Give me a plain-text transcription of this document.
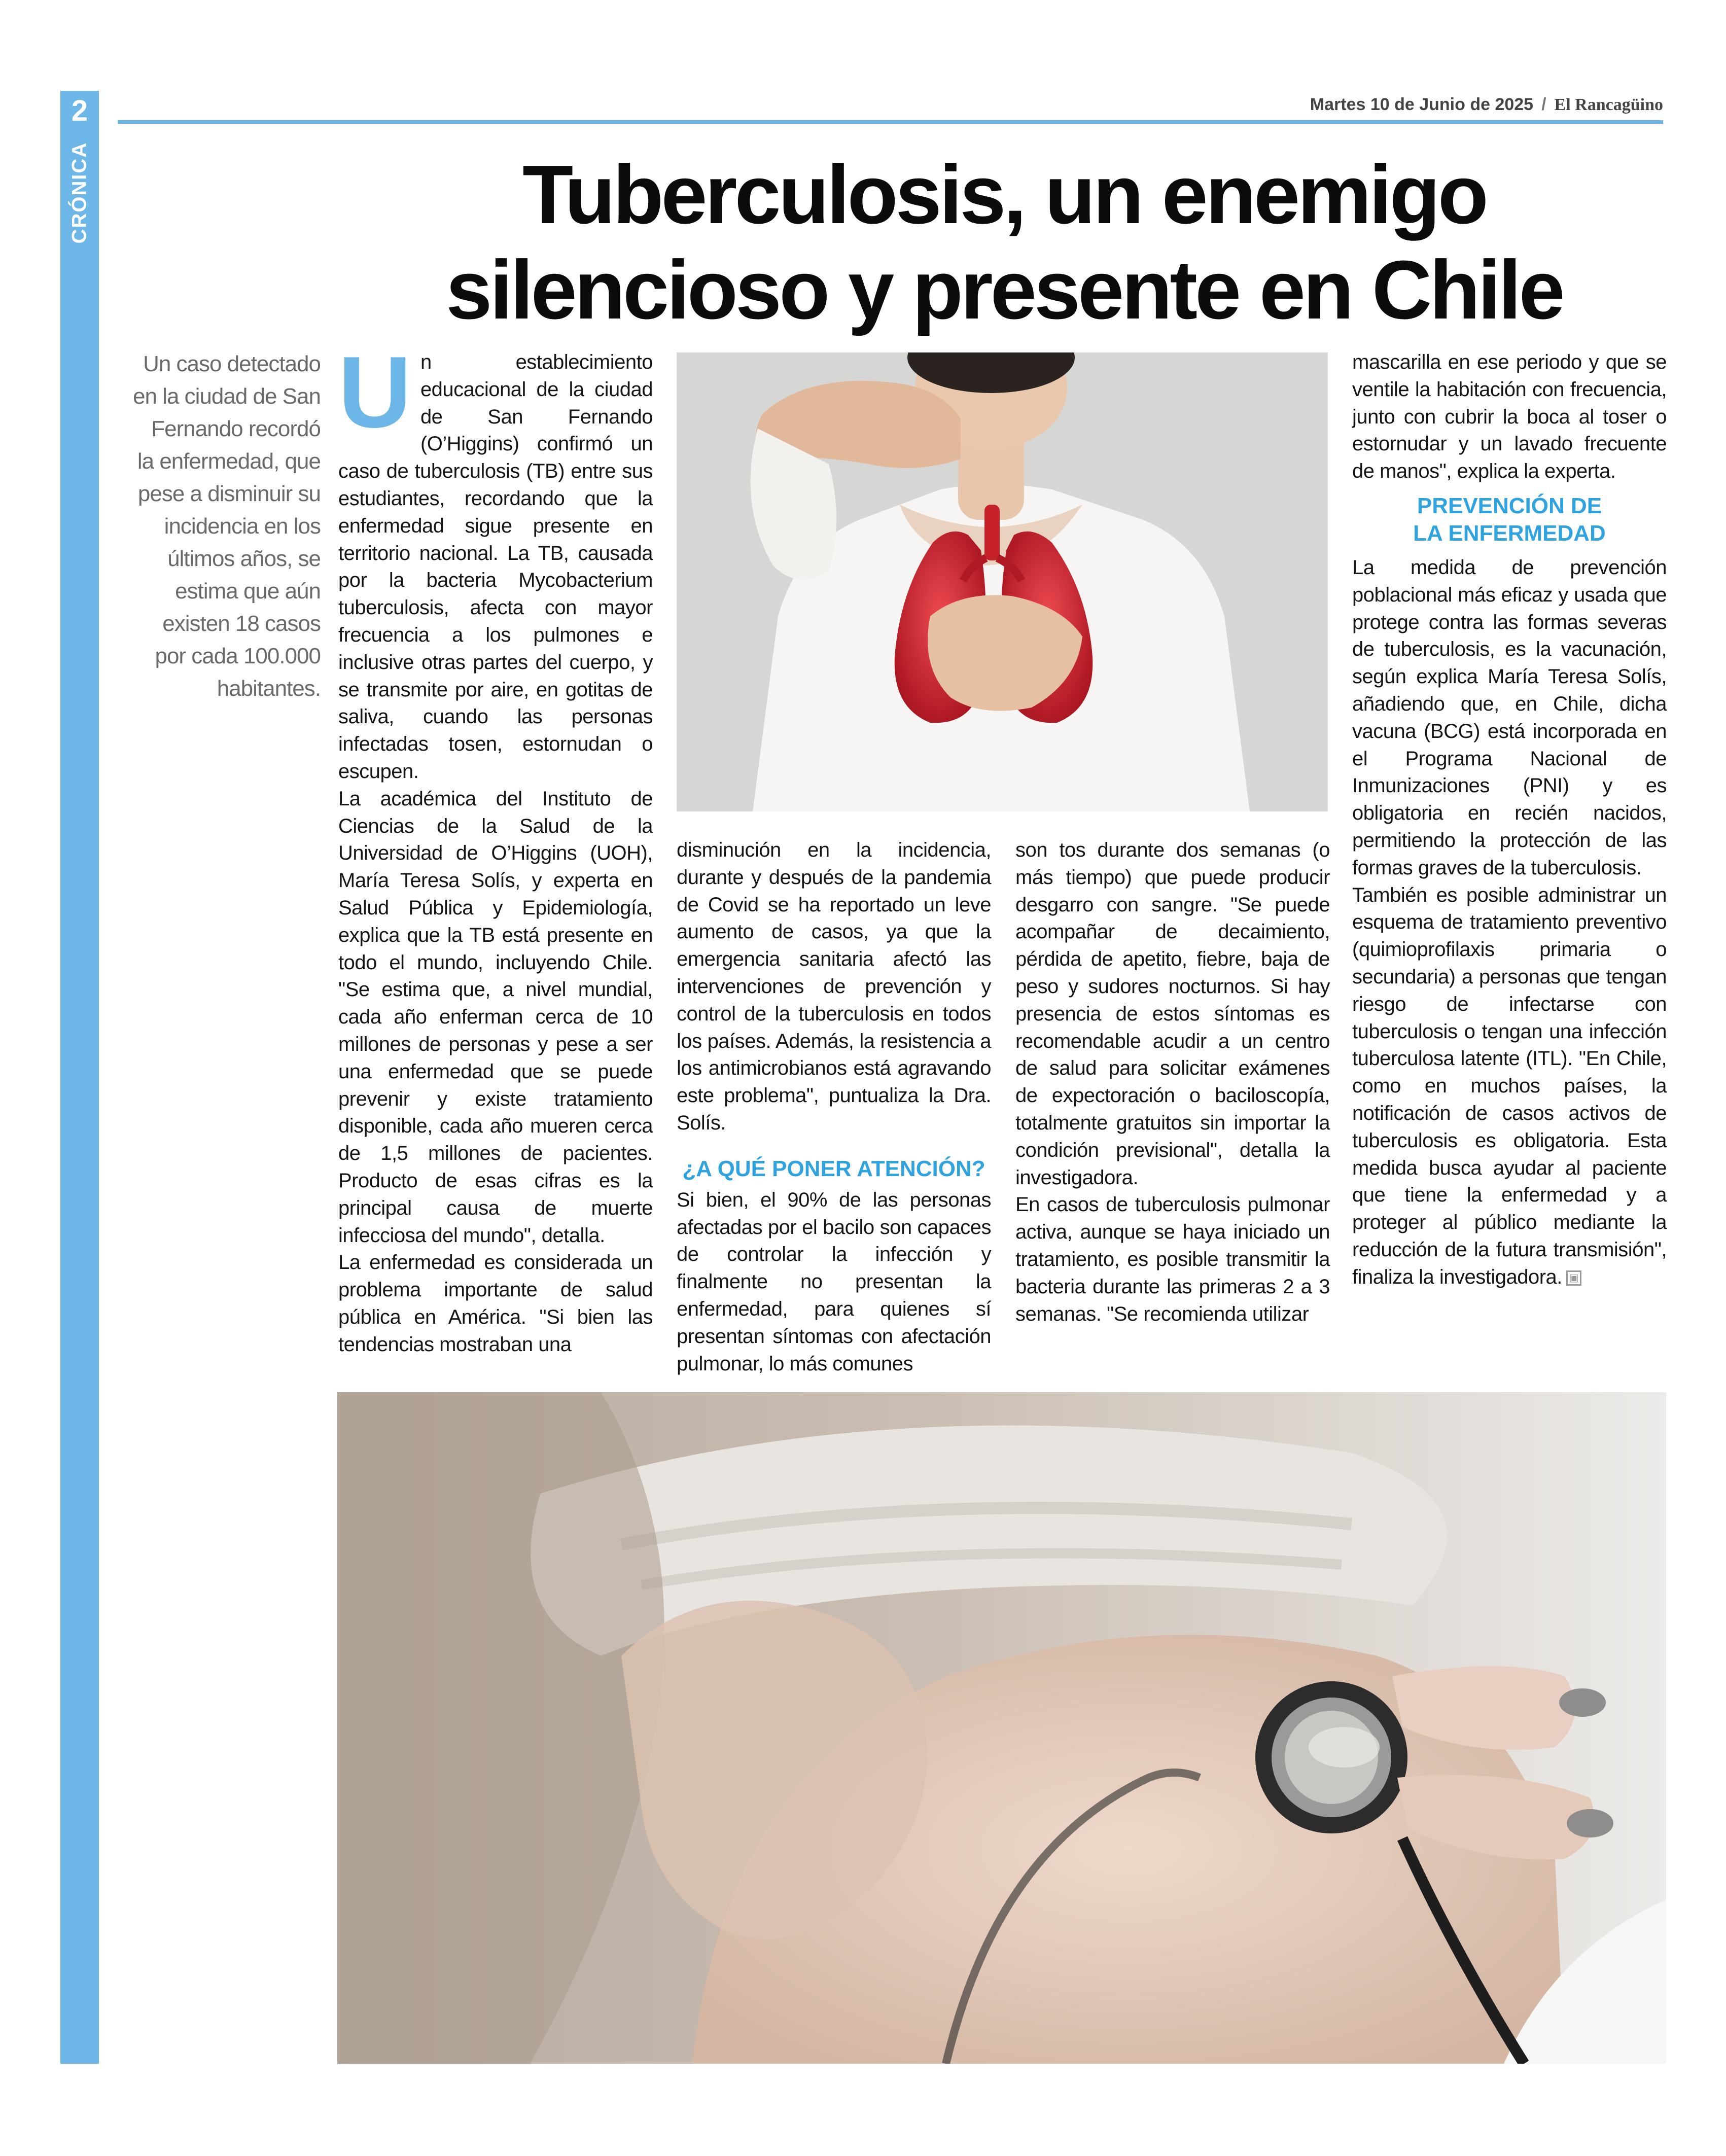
2
CRÓNICA
Martes 10 de Junio de 2025 / El Rancagüino
Tuberculosis, un enemigo
silencioso y presente en Chile
Un caso detectado en la ciudad de San Fernando recordó la enfermedad, que pese a disminuir su incidencia en los últimos años, se estima que aún existen 18 casos por cada 100.000 habitantes.
U n establecimiento educacional de la ciudad de San Fernando (O’Higgins) confirmó un caso de tuberculosis (TB) entre sus estudiantes, recordando que la enfermedad sigue presente en territorio nacional. La TB, causada por la bacteria Mycobacterium tuberculosis, afecta con mayor frecuencia a los pulmones e inclusive otras partes del cuerpo, y se transmite por aire, en gotitas de saliva, cuando las personas infectadas tosen, estornudan o escupen.

La académica del Instituto de Ciencias de la Salud de la Universidad de O’Higgins (UOH), María Teresa Solís, y experta en Salud Pública y Epidemiología, explica que la TB está presente en todo el mundo, incluyendo Chile. "Se estima que, a nivel mundial, cada año enferman cerca de 10 millones de personas y pese a ser una enfermedad que se puede prevenir y existe tratamiento disponible, cada año mueren cerca de 1,5 millones de pacientes. Producto de esas cifras es la principal causa de muerte infecciosa del mundo", detalla.

La enfermedad es considerada un problema importante de salud pública en América. "Si bien las tendencias mostraban una

disminución en la incidencia, durante y después de la pandemia de Covid se ha reportado un leve aumento de casos, ya que la emergencia sanitaria afectó las intervenciones de prevención y control de la tuberculosis en todos los países. Además, la resistencia a los antimicrobianos está agravando este problema", puntualiza la Dra. Solís.

¿A QUÉ PONER ATENCIÓN?

Si bien, el 90% de las personas afectadas por el bacilo son capaces de controlar la infección y finalmente no presentan la enfermedad, para quienes sí presentan síntomas con afectación pulmonar, lo más comunes

son tos durante dos semanas (o más tiempo) que puede producir desgarro con sangre. "Se puede acompañar de decaimiento, pérdida de apetito, fiebre, baja de peso y sudores nocturnos. Si hay presencia de estos síntomas es recomendable acudir a un centro de salud para solicitar exámenes de expectoración o baciloscopía, totalmente gratuitos sin importar la condición previsional", detalla la investigadora.

En casos de tuberculosis pulmonar activa, aunque se haya iniciado un tratamiento, es posible transmitir la bacteria durante las primeras 2 a 3 semanas. "Se recomienda utilizar

mascarilla en ese periodo y que se ventile la habitación con frecuencia, junto con cubrir la boca al toser o estornudar y un lavado frecuente de manos", explica la experta.

PREVENCIÓN DE
LA ENFERMEDAD

La medida de prevención poblacional más eficaz y usada que protege contra las formas severas de tuberculosis, es la vacunación, según explica María Teresa Solís, añadiendo que, en Chile, dicha vacuna (BCG) está incorporada en el Programa Nacional de Inmunizaciones (PNI) y es obligatoria en recién nacidos, permitiendo la protección de las formas graves de la tuberculosis.

También es posible administrar un esquema de tratamiento preventivo (quimioprofilaxis primaria o secundaria) a personas que tengan riesgo de infectarse con tuberculosis o tengan una infección tuberculosa latente (ITL). "En Chile, como en muchos países, la notificación de casos activos de tuberculosis es obligatoria. Esta medida busca ayudar al paciente que tiene la enfermedad y a proteger al público mediante la reducción de la futura transmisión", finaliza la investigadora. ▣
